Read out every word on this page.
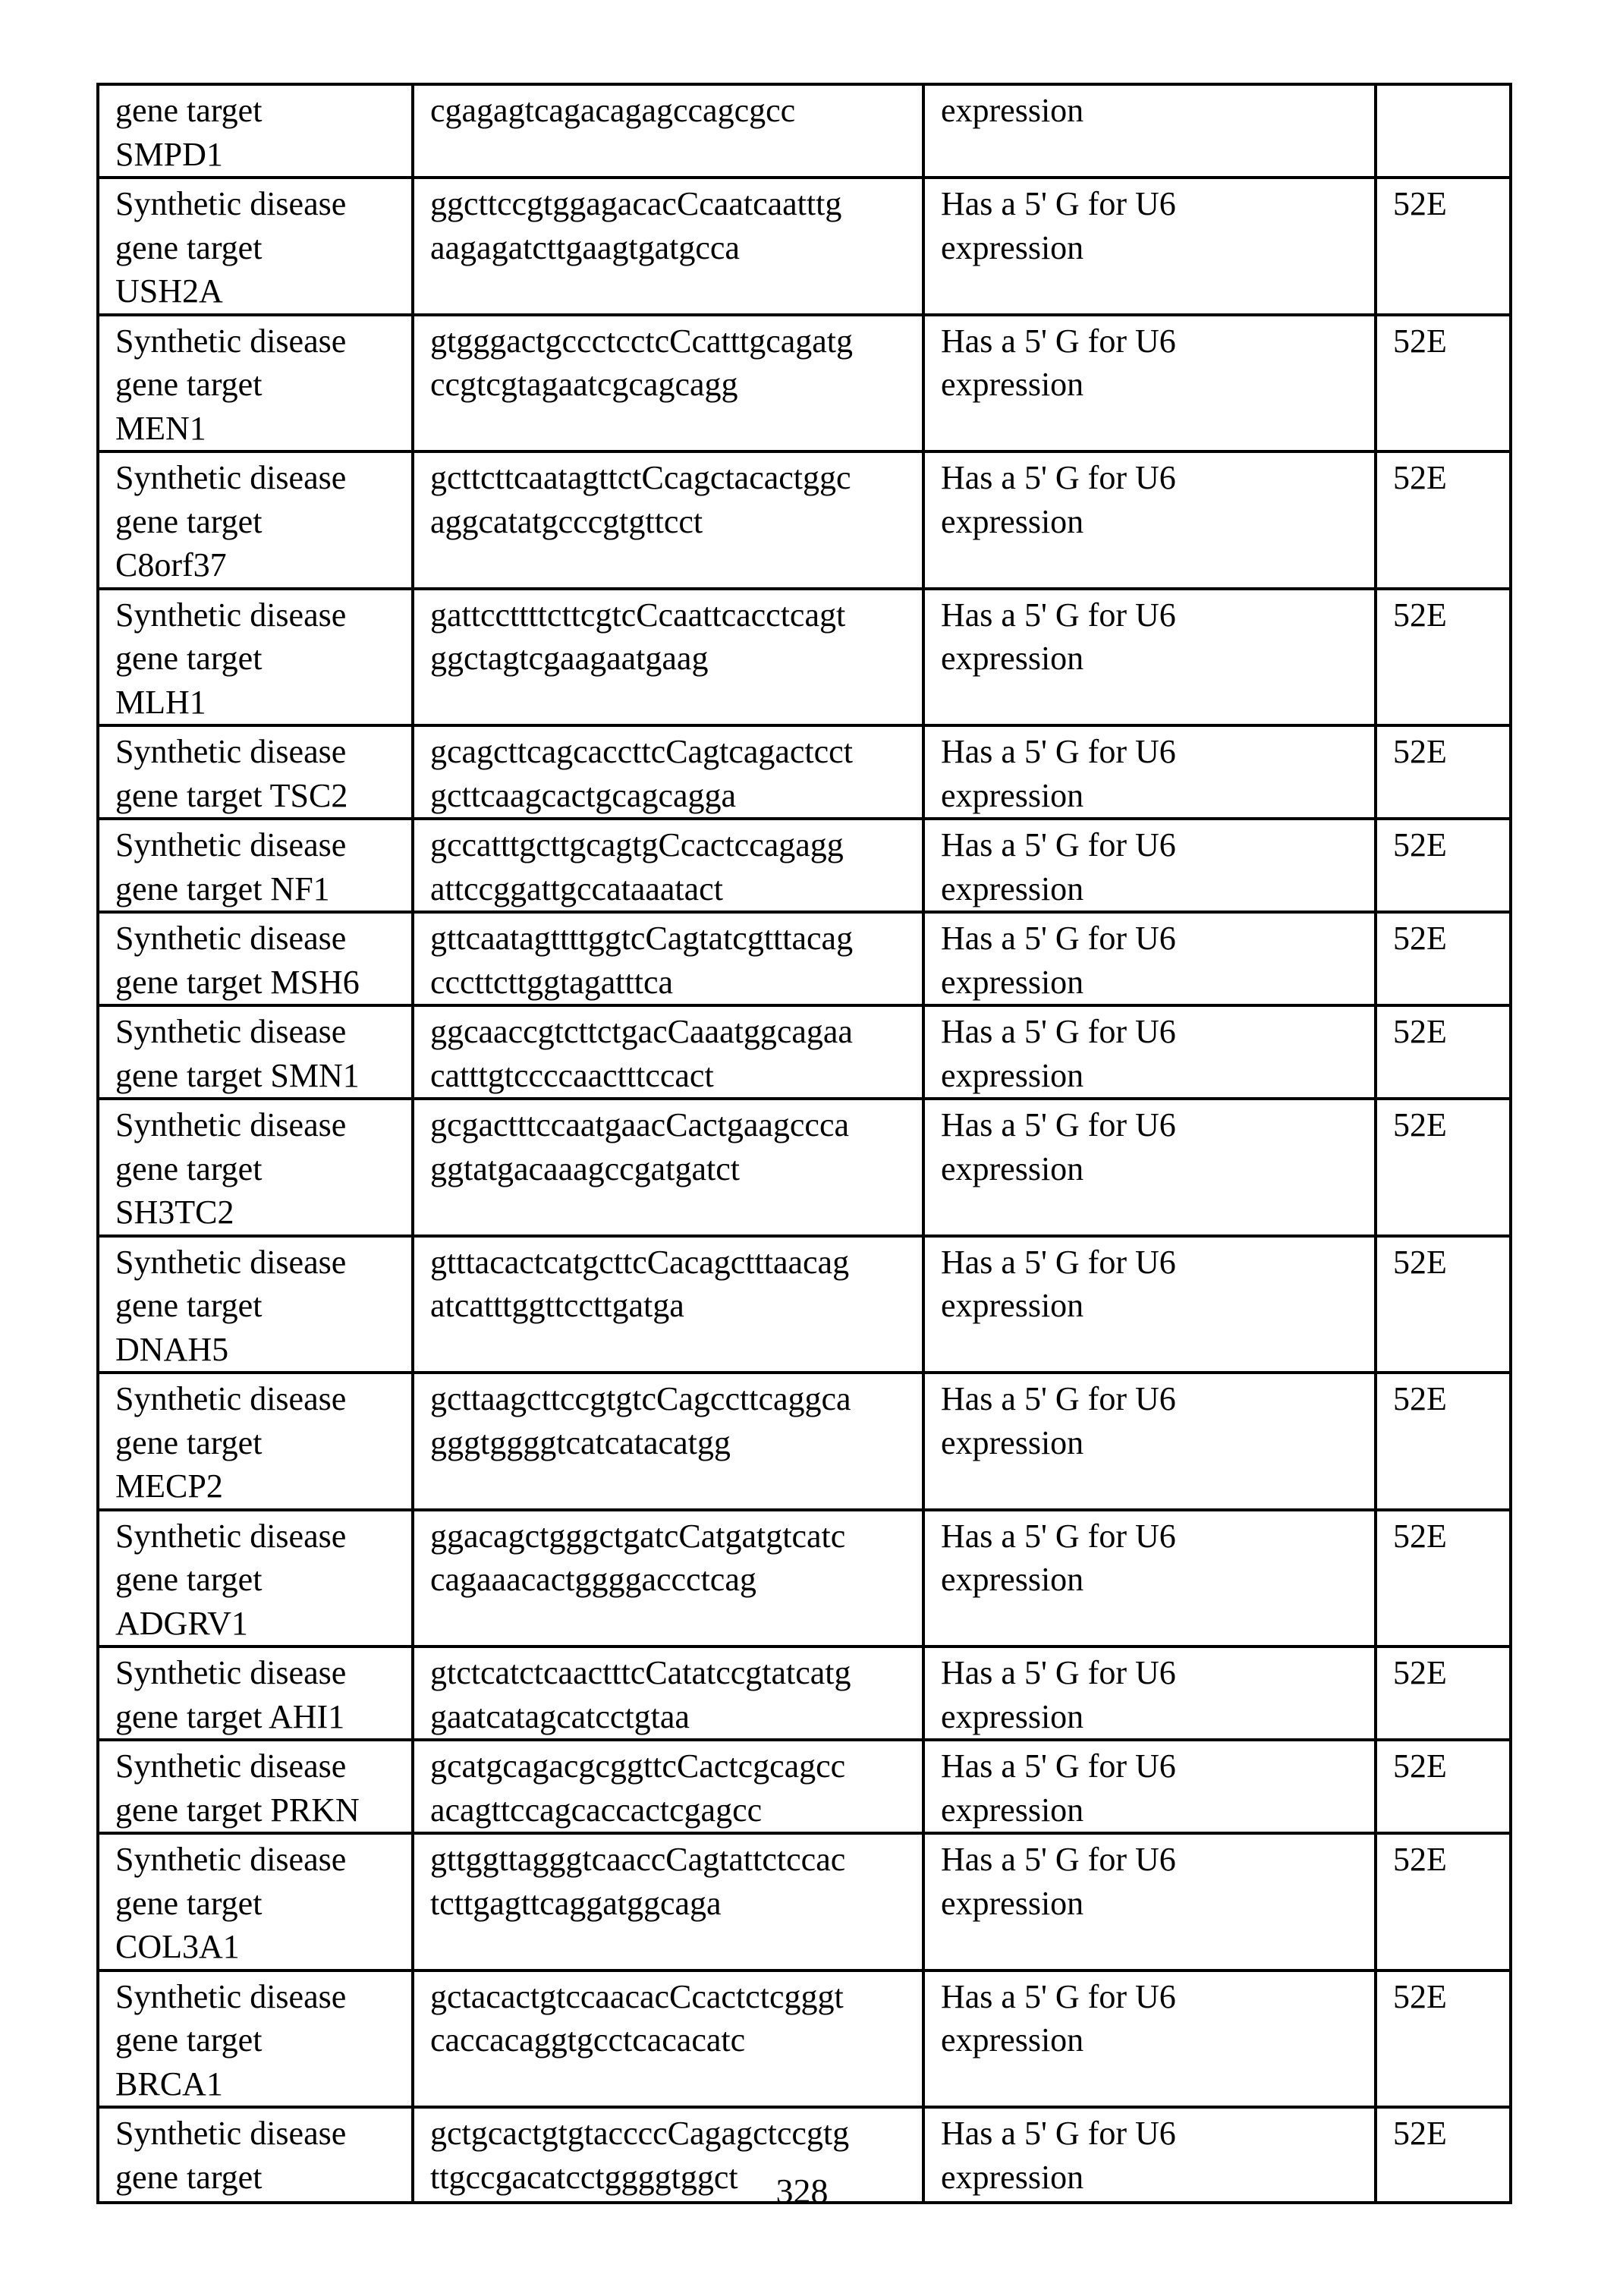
gene target
SMPD1

cgagagtcagacagagccagcgcc	expression

Synthetic disease
gene target
USH2A

ggcttccgtggagacacCcaatcaatttg
aagagatcttgaagtgatgcca

Has a 5' G for U6
expression

52E

Synthetic disease
gene target
MEN1

gtgggactgccctcctcCcatttgcagatg
ccgtcgtagaatcgcagcagg

Has a 5' G for U6
expression

52E

Synthetic disease
gene target
C8orf37

gcttcttcaatagttctCcagctacactggc
aggcatatgcccgtgttcct

Has a 5' G for U6
expression

52E

Synthetic disease
gene target
MLH1

gattccttttcttcgtcCcaattcacctcagt
ggctagtcgaagaatgaag

Has a 5' G for U6
expression

52E

Synthetic disease
gene target TSC2

gcagcttcagcaccttcCagtcagactcct
gcttcaagcactgcagcagga

Has a 5' G for U6
expression

52E

Synthetic disease
gene target NF1

gccatttgcttgcagtgCcactccagagg
attccggattgccataaatact

Has a 5' G for U6
expression

52E

Synthetic disease
gene target MSH6

gttcaatagttttggtcCagtatcgtttacag
cccttcttggtagatttca

Has a 5' G for U6
expression

52E

Synthetic disease
gene target SMN1

ggcaaccgtcttctgacCaaatggcagaa
catttgtccccaactttccact

Has a 5' G for U6
expression

52E

Synthetic disease
gene target
SH3TC2

gcgactttccaatgaacCactgaagccca
ggtatgacaaagccgatgatct

Has a 5' G for U6
expression

52E

Synthetic disease
gene target
DNAH5

gtttacactcatgcttcCacagctttaacag
atcatttggttccttgatga

Has a 5' G for U6
expression

52E

Synthetic disease
gene target
MECP2

gcttaagcttccgtgtcCagccttcaggca
gggtggggtcatcatacatgg

Has a 5' G for U6
expression

52E

Synthetic disease
gene target
ADGRV1

ggacagctgggctgatcCatgatgtcatc
cagaaacactggggaccctcag

Has a 5' G for U6
expression

52E

Synthetic disease
gene target AHI1

gtctcatctcaactttcCatatccgtatcatg
gaatcatagcatcctgtaa

Has a 5' G for U6
expression

52E

Synthetic disease
gene target PRKN

gcatgcagacgcggttcCactcgcagcc
acagttccagcaccactcgagcc

Has a 5' G for U6
expression

52E

Synthetic disease
gene target
COL3A1

gttggttagggtcaaccCagtattctccac
tcttgagttcaggatggcaga

Has a 5' G for U6
expression

52E

Synthetic disease
gene target
BRCA1

gctacactgtccaacacCcactctcgggt
caccacaggtgcctcacacatc

Has a 5' G for U6
expression

52E

Synthetic disease
gene target

gctgcactgtgtaccccCagagctccgtg
ttgccgacatcctggggtggct

Has a 5' G for U6
expression

52E
328
